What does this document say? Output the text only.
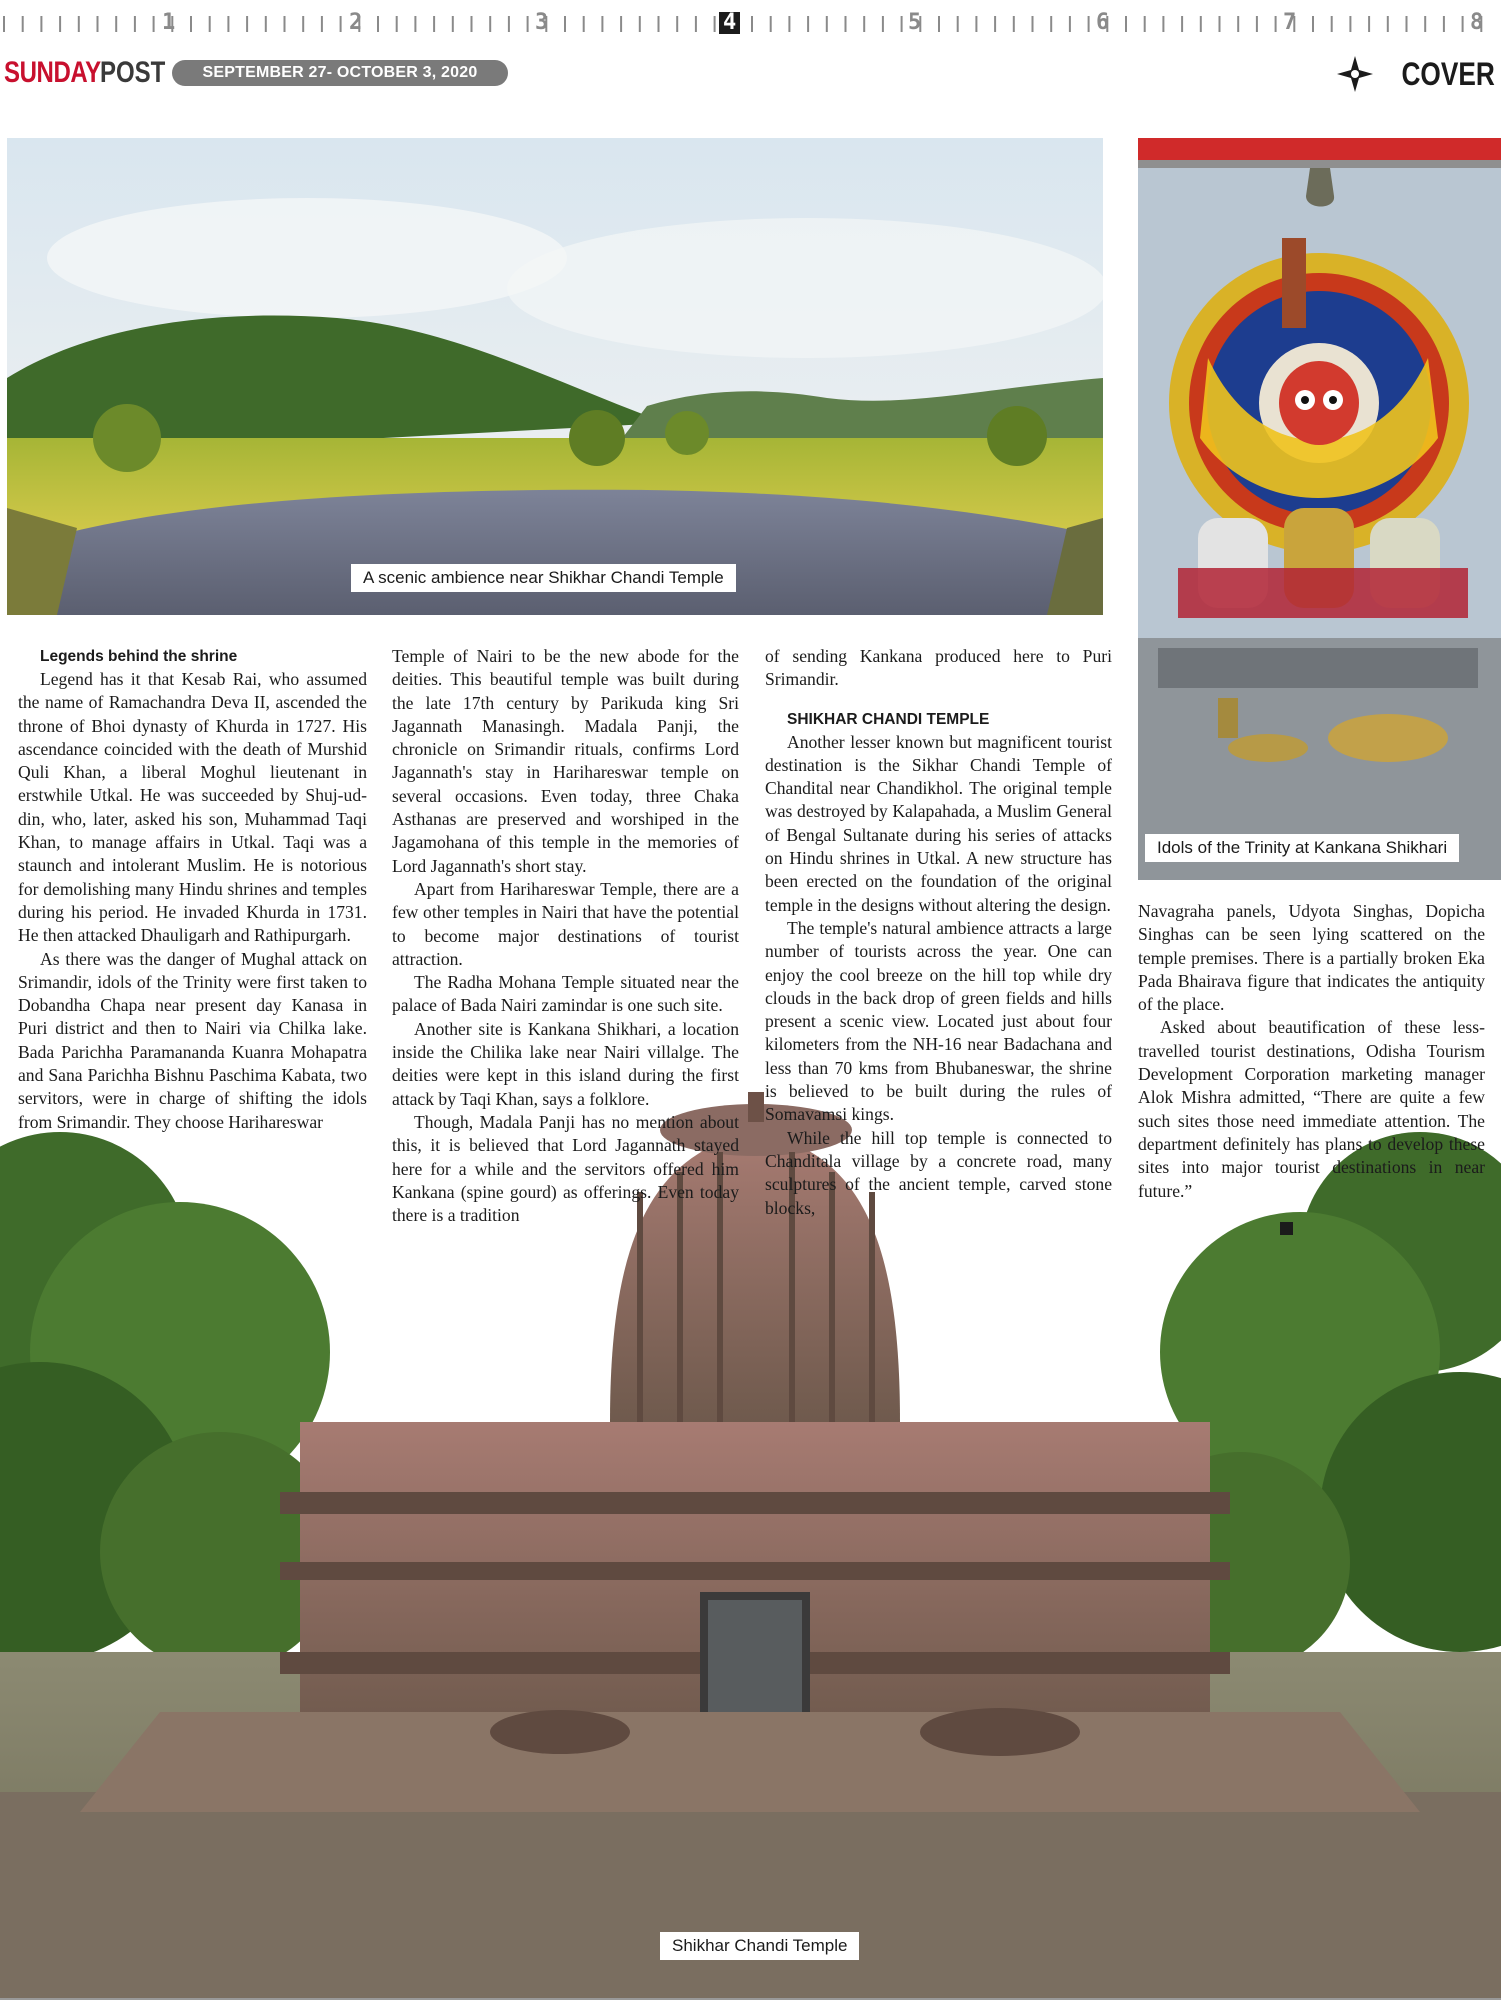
1	2	3	4	5	6	7	8
SUNDAY POST	SEPTEMBER 27- OCTOBER 3, 2020	COVER
A scenic ambience near Shikhar Chandi Temple
Idols of the Trinity at Kankana Shikhari
Shikhar Chandi Temple

Legends behind the shrine

Legend has it that Kesab Rai, who assumed the name of Ramachandra Deva II, ascended the throne of Bhoi dynasty of Khurda in 1727. His ascendance coincided with the death of Murshid Quli Khan, a liberal Moghul lieutenant in erstwhile Utkal. He was succeeded by Shuj-ud-din, who, later, asked his son, Muhammad Taqi Khan, to manage affairs in Utkal. Taqi was a staunch and intolerant Muslim. He is notorious for demolishing many Hindu shrines and temples during his period. He invaded Khurda in 1731. He then attacked Dhauligarh and Rathipurgarh.

As there was the danger of Mughal attack on Srimandir, idols of the Trinity were first taken to Dobandha Chapa near present day Kanasa in Puri district and then to Nairi via Chilka lake. Bada Parichha Paramananda Kuanra Mohapatra and Sana Parichha Bishnu Paschima Kabata, two servitors, were in charge of shifting the idols from Srimandir. They choose Harihareswar

Temple of Nairi to be the new abode for the deities. This beautiful temple was built during the late 17th century by Parikuda king Sri Jagannath Manasingh. Madala Panji, the chronicle on Srimandir rituals, confirms Lord Jagannath's stay in Harihareswar temple on several occasions. Even today, three Chaka Asthanas are preserved and worshiped in the Jagamohana of this temple in the memories of Lord Jagannath's short stay.

Apart from Harihareswar Temple, there are a few other temples in Nairi that have the potential to become major destinations of tourist attraction.

The Radha Mohana Temple situated near the palace of Bada Nairi zamindar is one such site.

Another site is Kankana Shikhari, a location inside the Chilika lake near Nairi villalge. The deities were kept in this island during the first attack by Taqi Khan, says a folklore.

Though, Madala Panji has no mention about this, it is believed that Lord Jagannath stayed here for a while and the servitors offered him Kankana (spine gourd) as offerings. Even today there is a tradition

of sending Kankana produced here to Puri Srimandir.

SHIKHAR CHANDI TEMPLE

Another lesser known but magnificent tourist destination is the Sikhar Chandi Temple of Chandital near Chandikhol. The original temple was destroyed by Kalapahada, a Muslim General of Bengal Sultanate during his series of attacks on Hindu shrines in Utkal. A new structure has been erected on the foundation of the original temple in the designs without altering the design.

The temple's natural ambience attracts a large number of tourists across the year. One can enjoy the cool breeze on the hill top while dry clouds in the back drop of green fields and hills present a scenic view. Located just about four kilometers from the NH-16 near Badachana and less than 70 kms from Bhubaneswar, the shrine is believed to be built during the rules of Somavamsi kings.

While the hill top temple is connected to Chanditala village by a concrete road, many sculptures of the ancient temple, carved stone blocks,

Navagraha panels, Udyota Singhas, Dopicha Singhas can be seen lying scattered on the temple premises. There is a partially broken Eka Pada Bhairava figure that indicates the antiquity of the place.

Asked about beautification of these less-travelled tourist destinations, Odisha Tourism Development Corporation marketing manager Alok Mishra admitted, “There are quite a few such sites those need immediate attention. The department definitely has plans to develop these sites into major tourist destinations in near future.”
